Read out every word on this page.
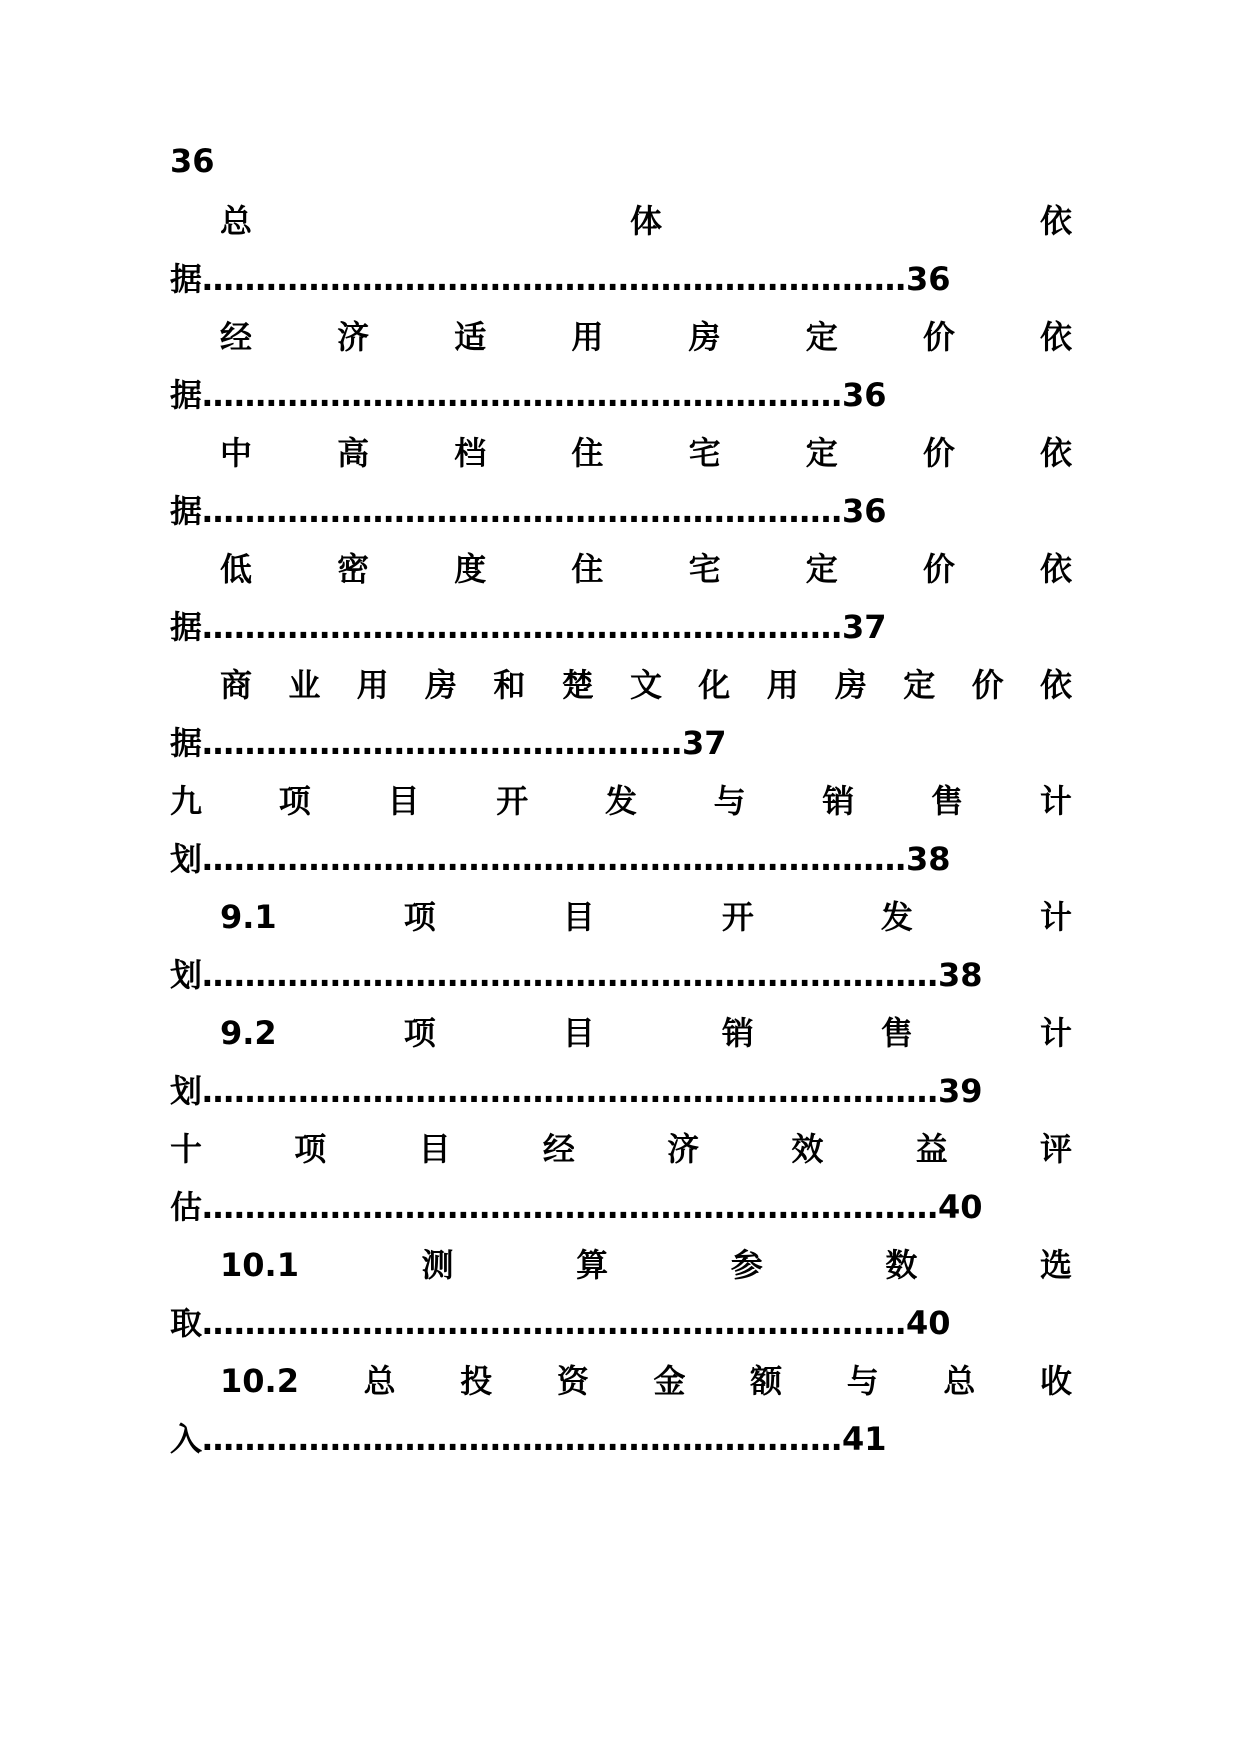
36
总	体	依
据…………………………………………………………36
经	济	适	用	房	定	价	依
据……………………………………………………36
中	高	档	住	宅	定	价	依
据……………………………………………………36
低	密	度	住	宅	定	价	依
据……………………………………………………37
商 业 用 房 和 楚 文 化 用 房 定 价 依
据………………………………………37
九 项 目 开 发 与 销 售 计
划…………………………………………………………38
9.1	项	目	开	发	计
划……………………………………………………………38
9.2	项	目	销	售	计
划……………………………………………………………39
十	项	目	经	济	效	益	评
估……………………………………………………………40
10.1	测	算	参	数	选
取…………………………………………………………40
10.2 总 投 资 金 额 与 总 收
入……………………………………………………41
